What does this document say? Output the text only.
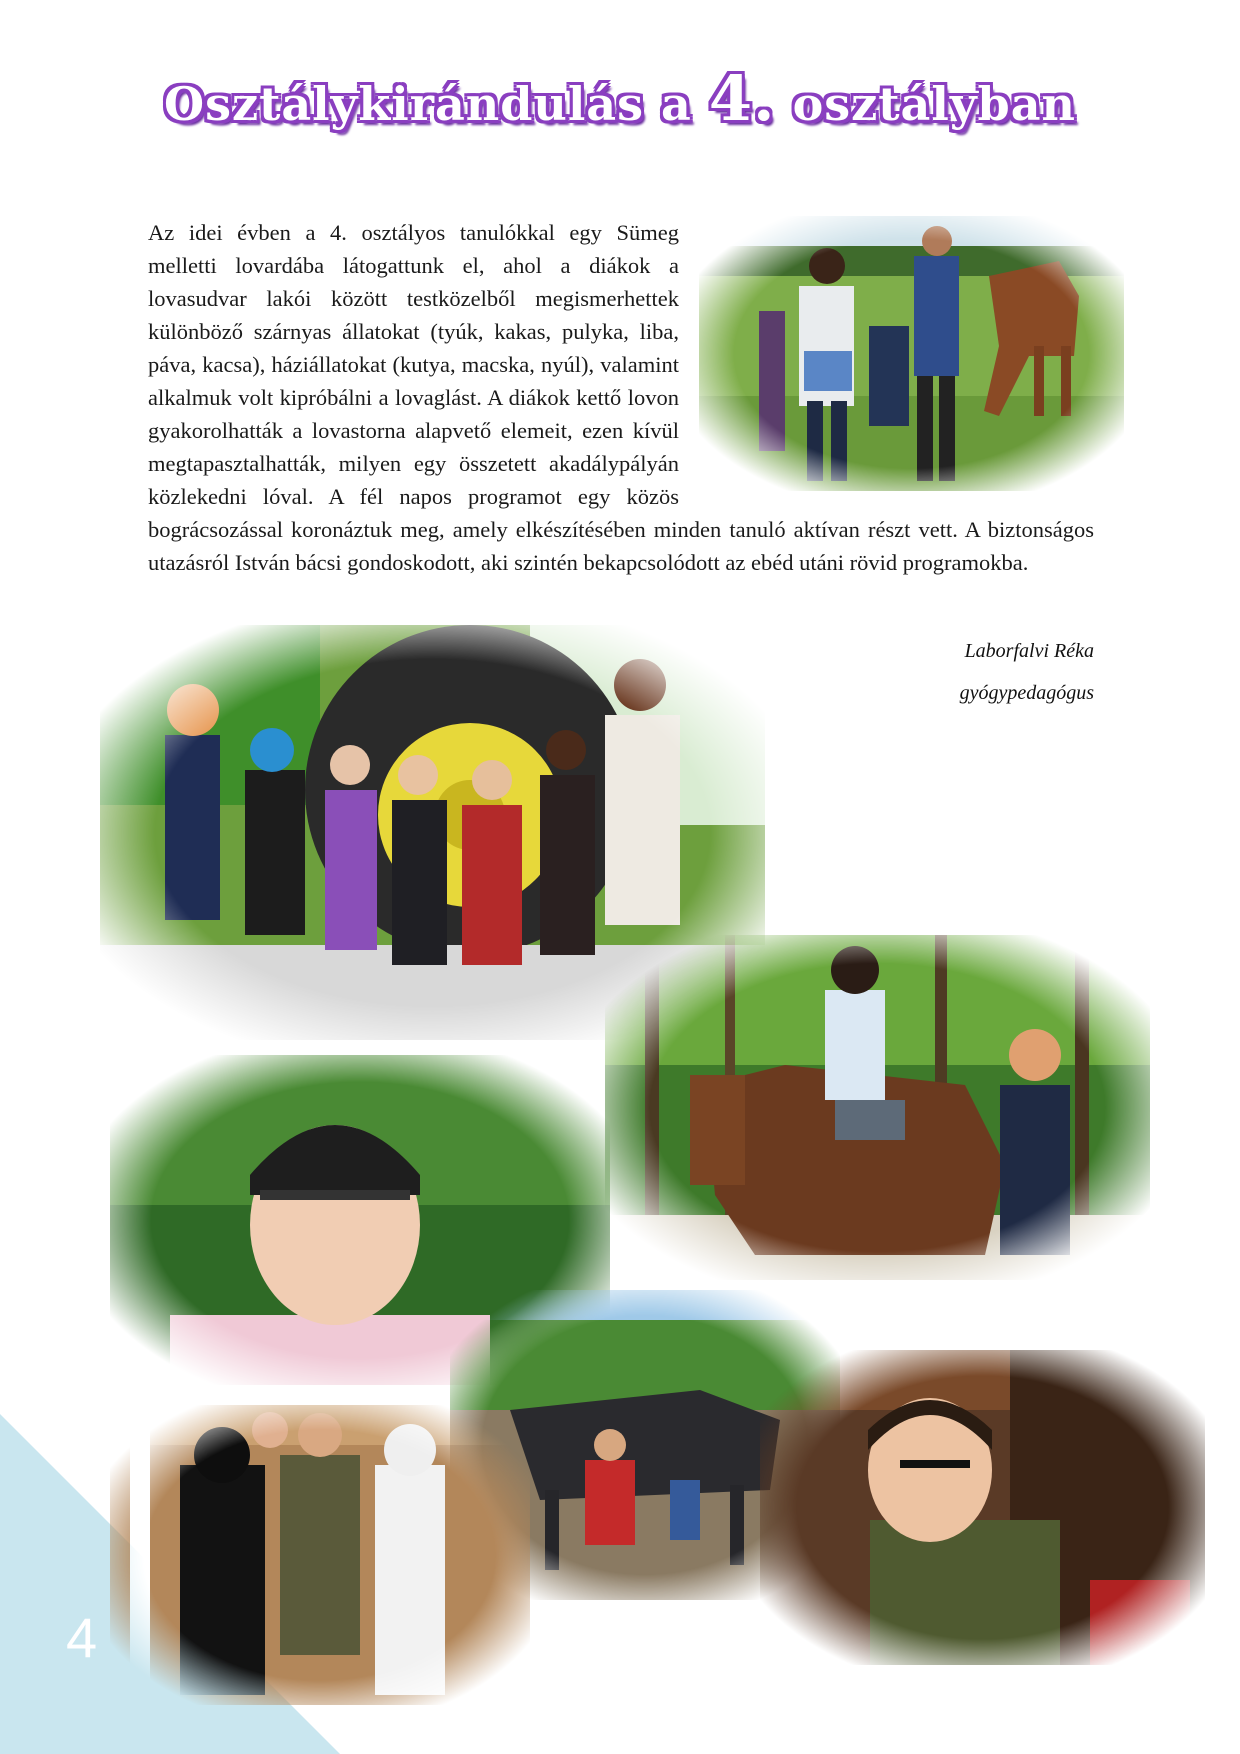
4
Osztálykirándulás a 4. osztályban

Az idei évben a 4. osztályos tanulókkal egy Sümeg melletti lovardába látogattunk el, ahol a diákok a lovasudvar lakói között testközelből megismerhettek különböző szárnyas állatokat (tyúk, kakas, pulyka, liba, páva, kacsa), háziállatokat (kutya, macska, nyúl), valamint alkalmuk volt kipróbálni a lovaglást. A diákok kettő lovon gyakorolhatták a lovastorna alapvető elemeit, ezen kívül megtapasztalhatták, milyen egy összetett akadálypályán közlekedni lóval. A fél napos programot egy közös bográcsozással koronáztuk meg, amely elkészítésében minden tanuló aktívan részt vett. A biztonságos utazásról István bácsi gondoskodott, aki szintén bekapcsolódott az ebéd utáni rövid programokba.

Laborfalvi Réka
gyógypedagógus
